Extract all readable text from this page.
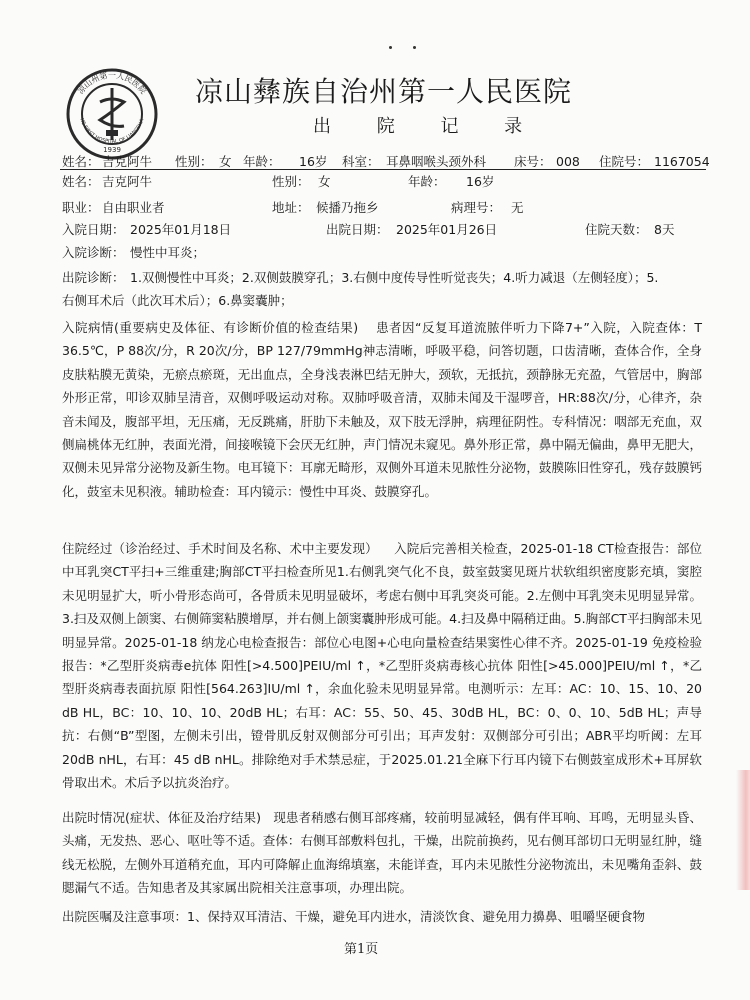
1939
凉山州第一人民医院
HE FIRST HOSPITAL OF LIANGSHA
凉山彝族自治州第一人民医院
出 院 记 录
姓名： 吉克阿牛 性别： 女 年龄： 16岁 科室： 耳鼻咽喉头颈外科 床号： 008 住院号： 1167054
姓名： 吉克阿牛	性别： 女	年龄： 16岁
职业： 自由职业者	地址： 候播乃拖乡	病理号： 无
入院日期： 2025年01月18日	出院日期： 2025年01月26日	住院天数： 8天
入院诊断： 慢性中耳炎；
出院诊断： 1.双侧慢性中耳炎；2.双侧鼓膜穿孔；3.右侧中度传导性听觉丧失；4.听力减退（左侧轻度）；5.
右侧耳术后（此次耳术后）；6.鼻窦囊肿；
入院病情(重要病史及体征、有诊断价值的检查结果) 患者因“反复耳道流脓伴听力下降7+”入院，入院查体：T 36.5℃，P 88次/分，R 20次/分，BP 127/79mmHg神志清晰，呼吸平稳，问答切题，口齿清晰，查体合作，全身皮肤粘膜无黄染，无瘀点瘀斑，无出血点，全身浅表淋巴结无肿大，颈软，无抵抗，颈静脉无充盈，气管居中，胸部外形正常，叩诊双肺呈清音，双侧呼吸运动对称。双肺呼吸音清，双肺未闻及干湿啰音，HR:88次/分，心律齐，杂音未闻及，腹部平坦，无压痛，无反跳痛，肝肋下未触及，双下肢无浮肿，病理征阴性。专科情况：咽部无充血，双侧扁桃体无红肿，表面光滑，间接喉镜下会厌无红肿，声门情况未窥见。鼻外形正常，鼻中隔无偏曲，鼻甲无肥大，双侧未见异常分泌物及新生物。电耳镜下：耳廓无畸形，双侧外耳道未见脓性分泌物，鼓膜陈旧性穿孔，残存鼓膜钙化，鼓室未见积液。辅助检查：耳内镜示：慢性中耳炎、鼓膜穿孔。
住院经过（诊治经过、手术时间及名称、术中主要发现） 入院后完善相关检查，2025-01-18 CT检查报告：部位中耳乳突CT平扫+三维重建;胸部CT平扫检查所见1.右侧乳突气化不良，鼓室鼓窦见斑片状软组织密度影充填，窦腔未见明显扩大，听小骨形态尚可，各骨质未见明显破坏，考虑右侧中耳乳突炎可能。2.左侧中耳乳突未见明显异常。3.扫及双侧上颌窦、右侧筛窦粘膜增厚，并右侧上颌窦囊肿形成可能。4.扫及鼻中隔稍迂曲。5.胸部CT平扫胸部未见明显异常。2025-01-18 纳龙心电检查报告：部位心电图+心电向量检查结果窦性心律不齐。2025-01-19 免疫检验报告：*乙型肝炎病毒e抗体 阳性[>4.500]PEIU/ml ↑，*乙型肝炎病毒核心抗体 阳性[>45.000]PEIU/ml ↑，*乙型肝炎病毒表面抗原 阳性[564.263]IU/ml ↑，余血化验未见明显异常。电测听示：左耳：AC：10、15、10、20 dB HL，BC：10、10、10、20dB HL；右耳：AC：55、50、45、30dB HL，BC：0、0、10、5dB HL；声导抗：右侧“B”型图，左侧未引出，镫骨肌反射双侧部分可引出；耳声发射：双侧部分可引出；ABR平均听阈：左耳 20dB nHL，右耳：45 dB nHL。排除绝对手术禁忌症，于2025.01.21全麻下行耳内镜下右侧鼓室成形术+耳屏软骨取出术。术后予以抗炎治疗。
出院时情况(症状、体征及治疗结果) 现患者稍感右侧耳部疼痛，较前明显减轻，偶有伴耳响、耳鸣，无明显头昏、头痛，无发热、恶心、呕吐等不适。查体：右侧耳部敷料包扎，干燥，出院前换药，见右侧耳部切口无明显红肿，缝线无松脱，左侧外耳道稍充血，耳内可降解止血海绵填塞，未能详查，耳内未见脓性分泌物流出，未见嘴角歪斜、鼓腮漏气不适。告知患者及其家属出院相关注意事项，办理出院。
出院医嘱及注意事项：1、保持双耳清洁、干燥，避免耳内进水，清淡饮食、避免用力擤鼻、咀嚼坚硬食物
第1页
